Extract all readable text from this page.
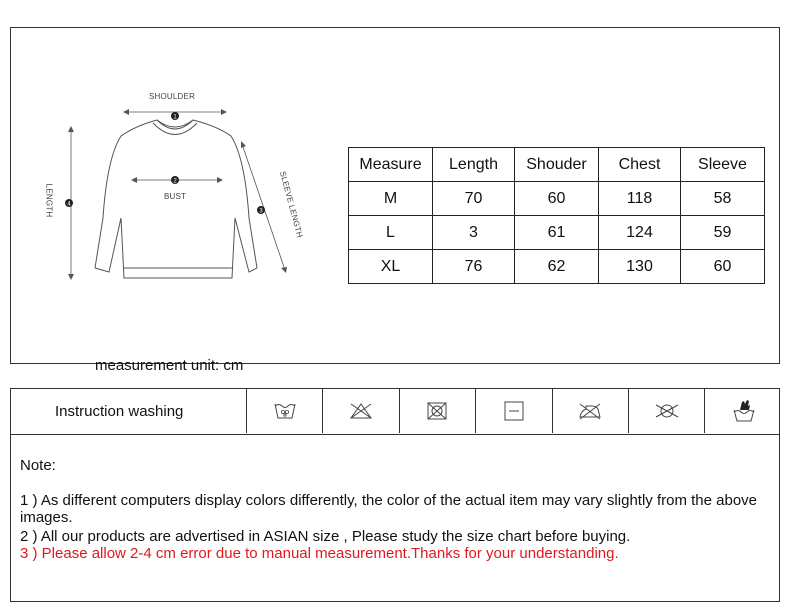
1
2
3
4
SHOULDER
BUST
LENGTH	SLEEVE LENGTH
Measure	Length	Shouder	Chest	Sleeve
M	70	60	118	58
L	3	61	124	59
XL	76	62	130	60
measurement unit: cm
Instruction washing
Note:
1 ) As different computers display colors differently, the color of the actual item may vary slightly from the above images.
2 ) All our products are advertised in ASIAN size , Please study the size chart before buying.
3 ) Please allow 2-4 cm error due to manual measurement.Thanks for your understanding.
